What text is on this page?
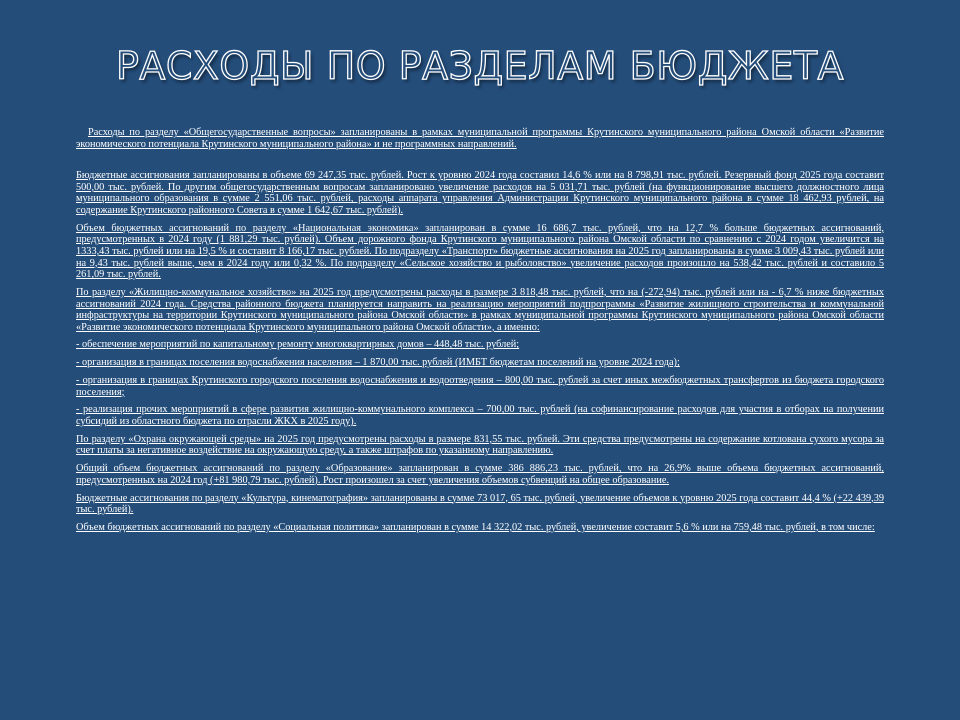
РАСХОДЫ ПО РАЗДЕЛАМ БЮДЖЕТА

Расходы по разделу «Общегосударственные вопросы» запланированы в рамках муниципальной программы Крутинского муниципального района Омской области «Развитие экономического потенциала Крутинского муниципального района» и не программных направлений.

Бюджетные ассигнования запланированы в объеме 69 247,35 тыс. рублей. Рост к уровню 2024 года составил 14,6 % или на 8 798,91 тыс. рублей. Резервный фонд 2025 года составит 500,00 тыс. рублей. По другим общегосударственным вопросам запланировано увеличение расходов на 5 031,71 тыс. рублей (на функционирование высшего должностного лица муниципального образования в сумме 2 551,06 тыс. рублей, расходы аппарата управления Администрации Крутинского муниципального района в сумме 18 462,93 рублей, на содержание Крутинского районного Совета в сумме 1 642,67 тыс. рублей).

Объем бюджетных ассигнований по разделу «Национальная экономика» запланирован в сумме 16 686,7 тыс. рублей, что на 12,7 % больше бюджетных ассигнований, предусмотренных в 2024 году (1 881,29 тыс. рублей). Объем дорожного фонда Крутинского муниципального района Омской области по сравнению с 2024 годом увеличится на 1333,43 тыс. рублей или на 19,5 % и составит 8 166,17 тыс. рублей. По подразделу «Транспорт» бюджетные ассигнования на 2025 год запланированы в сумме 3 009,43 тыс. рублей или на 9,43 тыс. рублей выше, чем в 2024 году или 0,32 %. По подразделу «Сельское хозяйство и рыболовство» увеличение расходов произошло на 538,42 тыс. рублей и составило 5 261,09 тыс. рублей.

По разделу «Жилищно-коммунальное хозяйство» на 2025 год предусмотрены расходы в размере 3 818,48 тыс. рублей, что на (-272,94) тыс. рублей или на - 6,7 % ниже бюджетных ассигнований 2024 года. Средства районного бюджета планируется направить на реализацию мероприятий подпрограммы «Развитие жилищного строительства и коммунальной инфраструктуры на территории Крутинского муниципального района Омской области» в рамках муниципальной программы Крутинского муниципального района Омской области «Развитие экономического потенциала Крутинского муниципального района Омской области», а именно:

- обеспечение мероприятий по капитальному ремонту многоквартирных домов – 448,48 тыс. рублей;

- организация в границах поселения водоснабжения населения – 1 870,00 тыс. рублей (ИМБТ бюджетам поселений на уровне 2024 года);

- организация в границах Крутинского городского поселения водоснабжения и водоотведения – 800,00 тыс. рублей за счет иных межбюджетных трансфертов из бюджета городского поселения;

- реализация прочих мероприятий в сфере развития жилищно-коммунального комплекса – 700,00 тыс. рублей (на софинансирование расходов для участия в отборах на получении субсидий из областного бюджета по отрасли ЖКХ в 2025 году).

По разделу «Охрана окружающей среды» на 2025 год предусмотрены расходы в размере 831,55 тыс. рублей. Эти средства предусмотрены на содержание котлована сухого мусора за счет платы за негативное воздействие на окружающую среду, а также штрафов по указанному направлению.

Общий объем бюджетных ассигнований по разделу «Образование» запланирован в сумме 386 886,23 тыс. рублей, что на 26,9% выше объема бюджетных ассигнований, предусмотренных на 2024 год (+81 980,79 тыс. рублей). Рост произошел за счет увеличения объемов субвенций на общее образование.

Бюджетные ассигнования по разделу «Культура, кинематография» запланированы в сумме 73 017, 65 тыс. рублей, увеличение объемов к уровню 2025 года составит 44,4 % (+22 439,39 тыс. рублей).

Объем бюджетных ассигнований по разделу «Социальная политика» запланирован в сумме 14 322,02 тыс. рублей, увеличение составит 5,6 % или на 759,48 тыс. рублей, в том числе:
